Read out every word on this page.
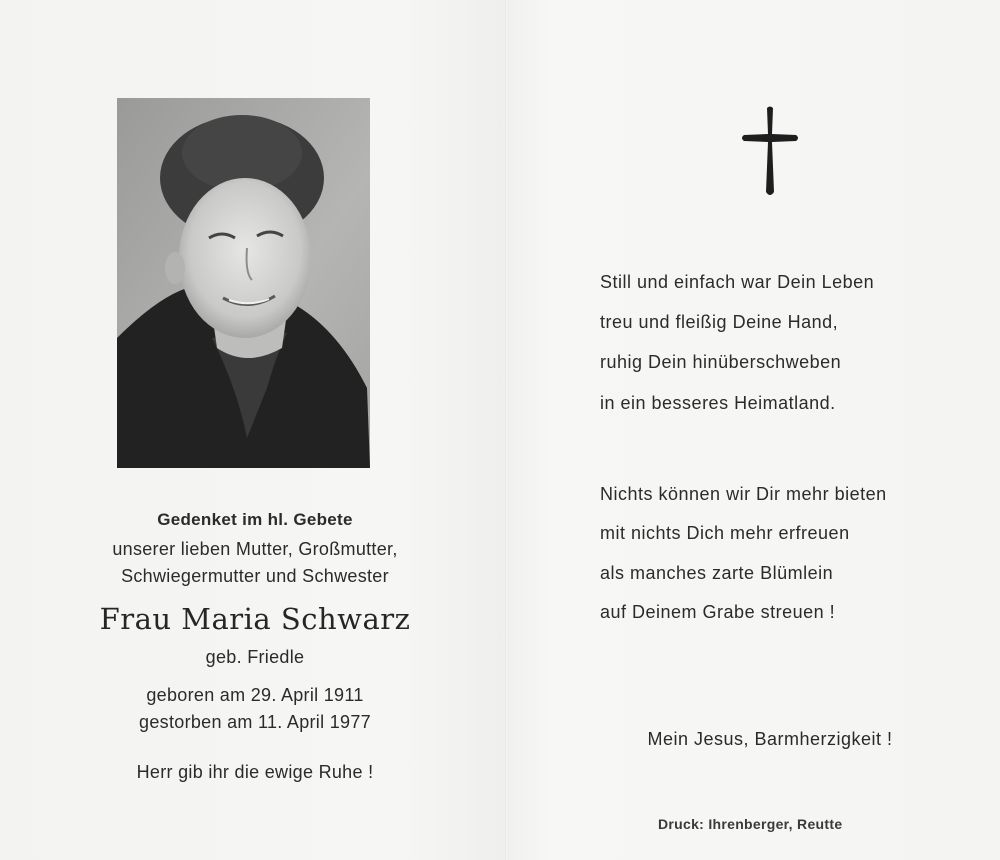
Gedenket im hl. Gebete
unserer lieben Mutter, Großmutter,
Schwiegermutter und Schwester
Frau Maria Schwarz
geb. Friedle
geboren am 29. April 1911
gestorben am 11. April 1977
Herr gib ihr die ewige Ruhe !
Still und einfach war Dein Leben
treu und fleißig Deine Hand,
ruhig Dein hinüberschweben
in ein besseres Heimatland.
Nichts können wir Dir mehr bieten
mit nichts Dich mehr erfreuen
als manches zarte Blümlein
auf Deinem Grabe streuen !
Mein Jesus, Barmherzigkeit !
Druck: Ihrenberger, Reutte
